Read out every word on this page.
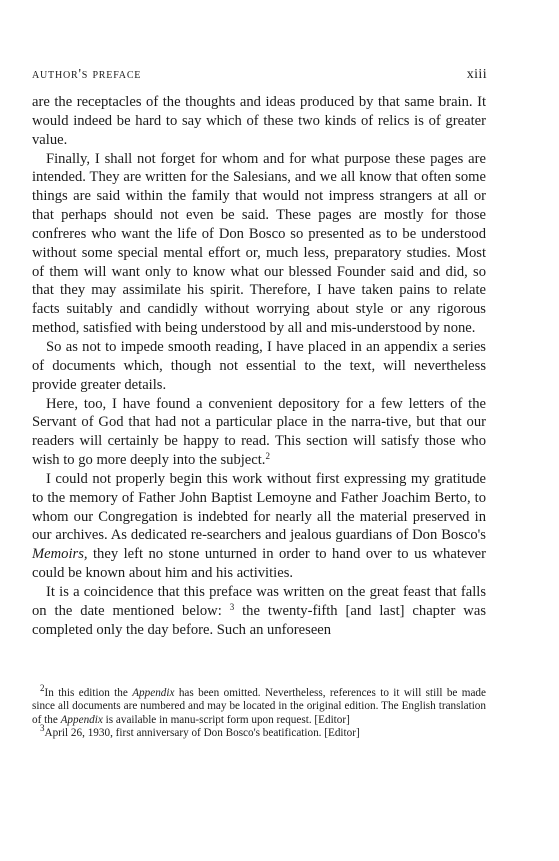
author's preface	xiii

are the receptacles of the thoughts and ideas produced by that same brain. It would indeed be hard to say which of these two kinds of relics is of greater value.

Finally, I shall not forget for whom and for what purpose these pages are intended. They are written for the Salesians, and we all know that often some things are said within the family that would not impress strangers at all or that perhaps should not even be said. These pages are mostly for those confreres who want the life of Don Bosco so presented as to be understood without some special mental effort or, much less, preparatory studies. Most of them will want only to know what our blessed Founder said and did, so that they may assimilate his spirit. Therefore, I have taken pains to relate facts suitably and candidly without worrying about style or any rigorous method, satisfied with being understood by all and mis-understood by none.

So as not to impede smooth reading, I have placed in an appendix a series of documents which, though not essential to the text, will nevertheless provide greater details.

Here, too, I have found a convenient depository for a few letters of the Servant of God that had not a particular place in the narra-tive, but that our readers will certainly be happy to read. This section will satisfy those who wish to go more deeply into the subject.$^2$

I could not properly begin this work without first expressing my gratitude to the memory of Father John Baptist Lemoyne and Father Joachim Berto, to whom our Congregation is indebted for nearly all the material preserved in our archives. As dedicated re-searchers and jealous guardians of Don Bosco's Memoirs, they left no stone unturned in order to hand over to us whatever could be known about him and his activities.

It is a coincidence that this preface was written on the great feast that falls on the date mentioned below: $^3$ the twenty-fifth [and last] chapter was completed only the day before. Such an unforeseen

$^2$In this edition the Appendix has been omitted. Nevertheless, references to it will still be made since all documents are numbered and may be located in the original edition. The English translation of the Appendix is available in manu-script form upon request. [Editor]

$^3$April 26, 1930, first anniversary of Don Bosco's beatification. [Editor]
